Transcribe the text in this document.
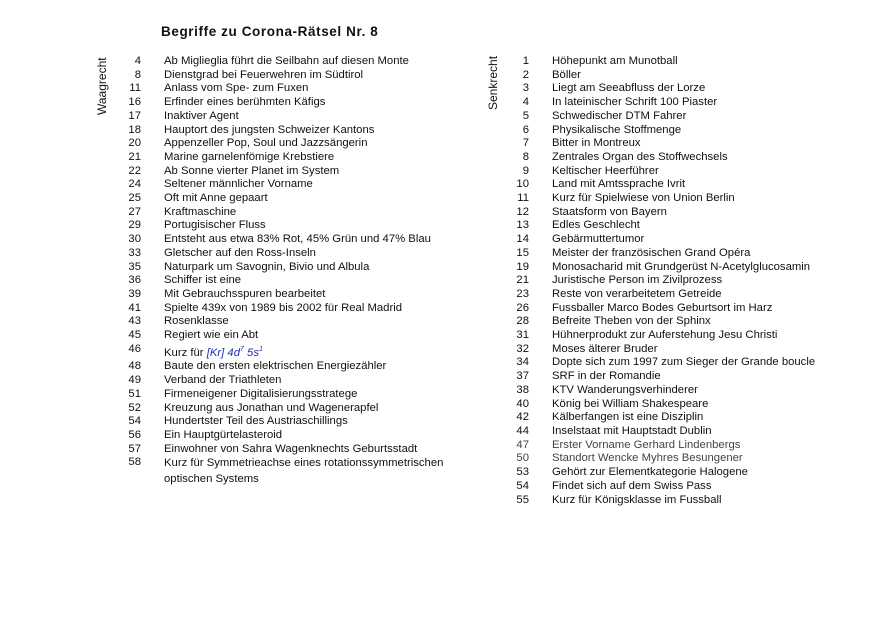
Begriffe zu Corona-Rätsel Nr. 8
Waagrecht	Senkrecht
4 Ab Miglieglia führt die Seilbahn auf diesen Monte
8 Dienstgrad bei Feuerwehren im Südtirol
11 Anlass vom Spe- zum Fuxen
16 Erfinder eines berühmten Käfigs
17 Inaktiver Agent
18 Hauptort des jungsten Schweizer Kantons
20 Appenzeller Pop, Soul und Jazzsängerin
21 Marine garnelenfömige Krebstiere
22 Ab Sonne vierter Planet im System
24 Seltener männlicher Vorname
25 Oft mit Anne gepaart
27 Kraftmaschine
29 Portugisischer Fluss
30 Entsteht aus etwa 83% Rot, 45% Grün und 47% Blau
33 Gletscher auf den Ross-Inseln
35 Naturpark um Savognin, Bivio und Albula
36 Schiffer ist eine
39 Mit Gebrauchsspuren bearbeitet
41 Spielte 439x von 1989 bis 2002 für Real Madrid
43 Rosenklasse
45 Regiert wie ein Abt
46 Kurz für [Kr] $4d^7$ $5s^1$
48 Baute den ersten elektrischen Energiezähler
49 Verband der Triathleten
51 Firmeneigener Digitalisierungsstratege
52 Kreuzung aus Jonathan und Wagenerapfel
54 Hundertster Teil des Austriaschillings
56 Ein Hauptgürtelasteroid
57 Einwohner von Sahra Wagenknechts Geburtsstadt
58 Kurz für Symmetrieachse eines rotationssymmetrischen optischen Systems
1 Höhepunkt am Munotball
2 Böller
3 Liegt am Seeabfluss der Lorze
4 In lateinischer Schrift 100 Piaster
5 Schwedischer DTM Fahrer
6 Physikalische Stoffmenge
7 Bitter in Montreux
8 Zentrales Organ des Stoffwechsels
9 Keltischer Heerführer
10 Land mit Amtssprache Ivrit
11 Kurz für Spielwiese von Union Berlin
12 Staatsform von Bayern
13 Edles Geschlecht
14 Gebärmuttertumor
15 Meister der französischen Grand Opéra
19 Monosacharid mit Grundgerüst N-Acetylglucosamin
21 Juristische Person im Zivilprozess
23 Reste von verarbeitetem Getreide
26 Fussballer Marco Bodes Geburtsort im Harz
28 Befreite Theben von der Sphinx
31 Hühnerprodukt zur Auferstehung Jesu Christi
32 Moses älterer Bruder
34 Dopte sich zum 1997 zum Sieger der Grande boucle
37 SRF in der Romandie
38 KTV Wanderungsverhinderer
40 König bei William Shakespeare
42 Kälberfangen ist eine Disziplin
44 Inselstaat mit Hauptstadt Dublin
47 Erster Vorname Gerhard Lindenbergs
50 Standort Wencke Myhres Besungener
53 Gehört zur Elementkategorie Halogene
54 Findet sich auf dem Swiss Pass
55 Kurz für Königsklasse im Fussball
